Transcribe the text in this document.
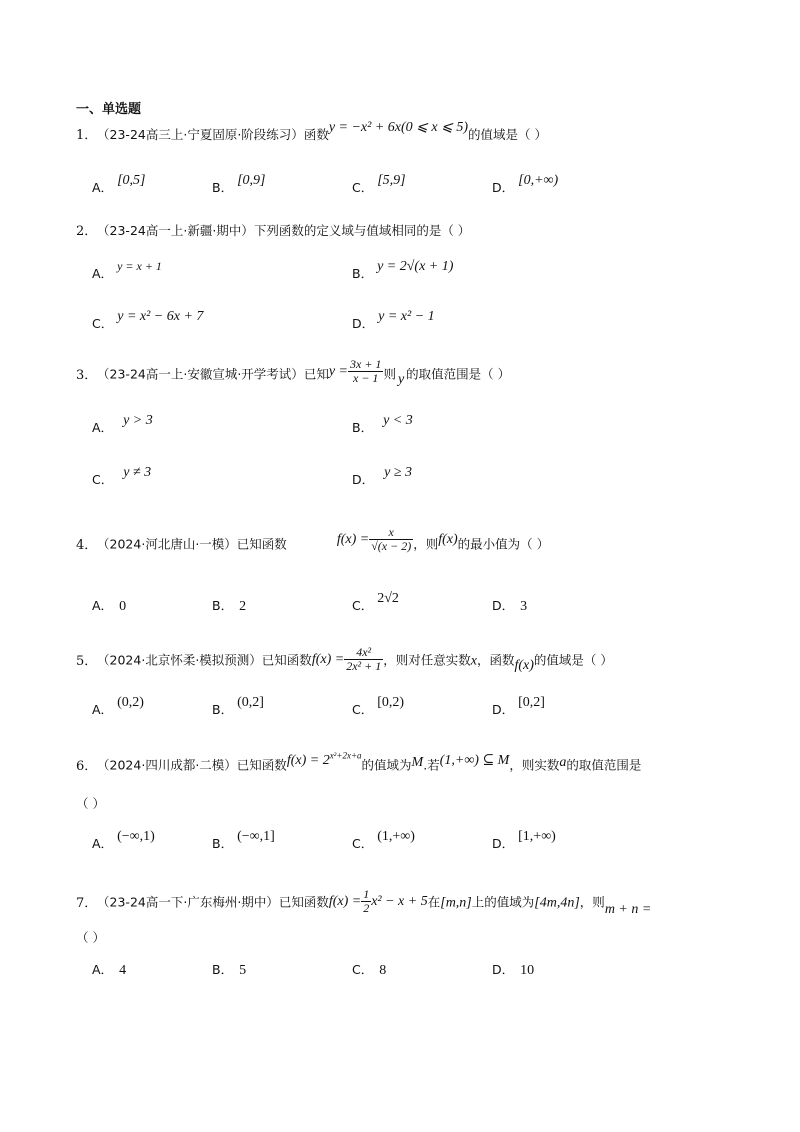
一、单选题
1． （23-24高三上·宁夏固原·阶段练习）函数y = −x² + 6x(0 ⩽ x ⩽ 5)的值域是（ ）
A． [0,5]	B． [0,9]	C． [5,9]	D． [0,+∞)
2． （23-24高一上·新疆·期中）下列函数的定义域与值域相同的是（ ）
A． y = x + 1	B． y = 2√(x + 1)
C． y = x² − 6x + 7	D． y = x² − 1
3． （23-24高一上·安徽宣城·开学考试）已知$y = \frac{3x + 1}{x - 1}$ 则 y 的取值范围是（ ）
A． y > 3	B． y < 3
C． y ≠ 3	D． y ≥ 3
4． （2024·河北唐山·一模）已知函数	$f(x) = \frac{x}{√(x - 2)}$ ，则f(x)的最小值为（ ）
A． 0	B． 2	C． 2√2	D． 3
5． （2024·北京怀柔·模拟预测）已知函数$f(x) = \frac{\text{4x²}}{\text{2x² + 1}}$ ，则对任意实数x，函数f(x)的值域是（ ）
A． (0,2)	B． (0,2]	C． [0,2)	D． [0,2]
6． （2024·四川成都·二模）已知函数$f(x) = 2^{x^2+2x+a}$的值域为M.若(1,+∞) ⊆ M，则实数a的取值范围是
（ ）
A． (−∞,1)	B． (−∞,1]	C． (1,+∞)	D． [1,+∞)
7． （23-24高一下·广东梅州·期中）已知函数$f(x) = \frac{1}{2} x^2 - x + 5$在[m,n]上的值域为[4m,4n]，则m + n =
（ ）
A． 4	B． 5	C． 8	D． 10
